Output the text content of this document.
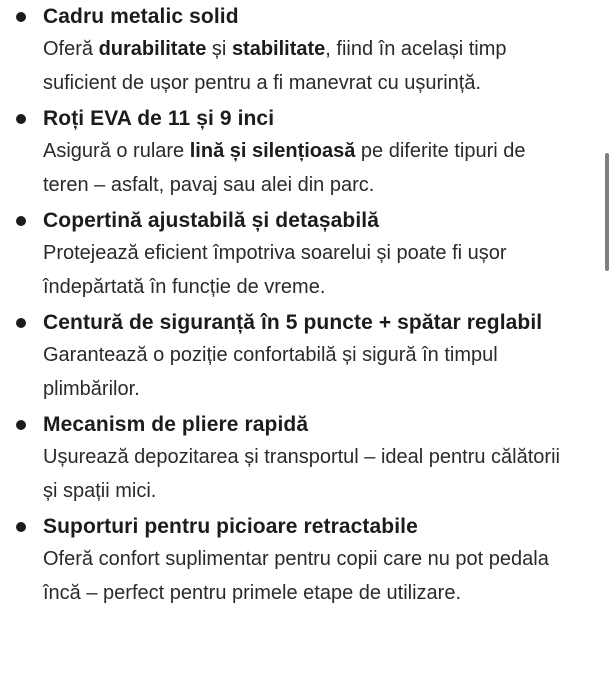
Cadru metalic solid

Oferă durabilitate și stabilitate, fiind în același timp suficient de ușor pentru a fi manevrat cu ușurință.

Roți EVA de 11 și 9 inci

Asigură o rulare lină și silențioasă pe diferite tipuri de teren – asfalt, pavaj sau alei din parc.

Copertină ajustabilă și detașabilă

Protejează eficient împotriva soarelui și poate fi ușor îndepărtată în funcție de vreme.

Centură de siguranță în 5 puncte + spătar reglabil

Garantează o poziție confortabilă și sigură în timpul plimbărilor.

Mecanism de pliere rapidă

Ușurează depozitarea și transportul – ideal pentru călătorii și spații mici.

Suporturi pentru picioare retractabile

Oferă confort suplimentar pentru copii care nu pot pedala încă – perfect pentru primele etape de utilizare.
